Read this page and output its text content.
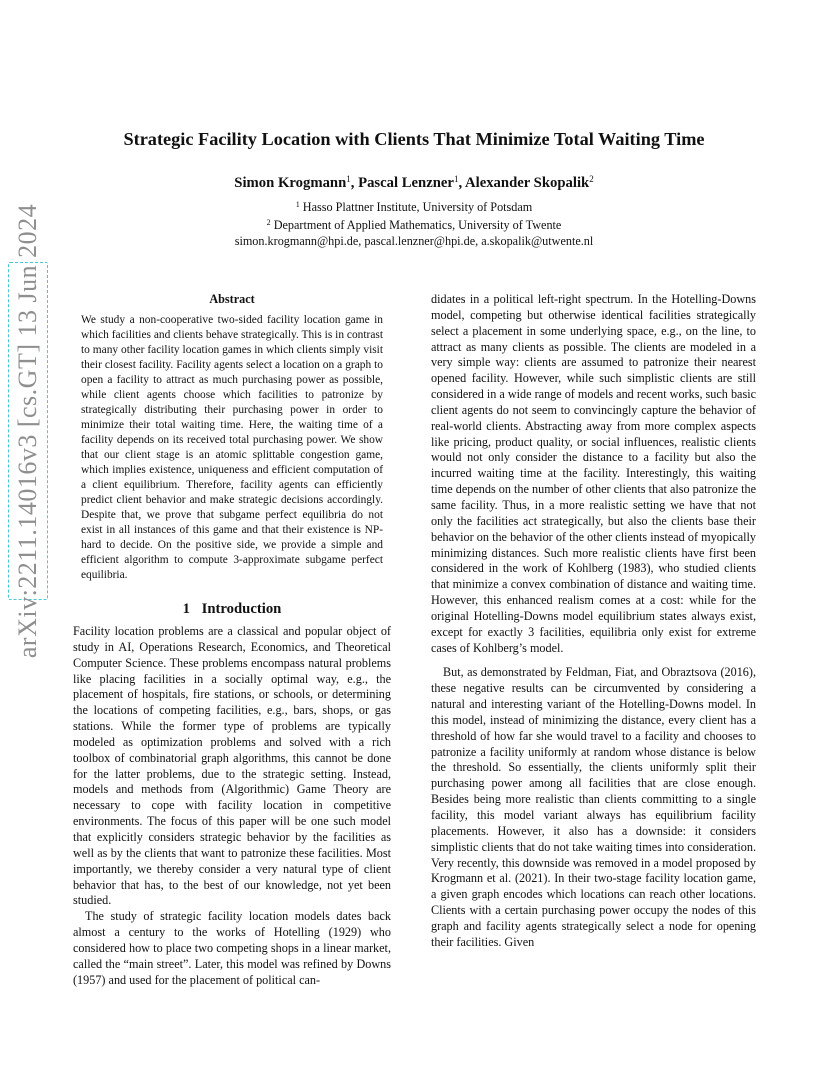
arXiv:2211.14016v3 [cs.GT] 13 Jun 2024
Strategic Facility Location with Clients That Minimize Total Waiting Time
Simon Krogmann$^1$, Pascal Lenzner$^1$, Alexander Skopalik$^2$
$^1$ Hasso Plattner Institute, University of Potsdam
$^2$ Department of Applied Mathematics, University of Twente
simon.krogmann@hpi.de, pascal.lenzner@hpi.de, a.skopalik@utwente.nl
Abstract

We study a non-cooperative two-sided facility location game in which facilities and clients behave strategically. This is in contrast to many other facility location games in which clients simply visit their closest facility. Facility agents select a location on a graph to open a facility to attract as much purchasing power as possible, while client agents choose which facilities to patronize by strategically distributing their purchasing power in order to minimize their total waiting time. Here, the waiting time of a facility depends on its received total purchasing power. We show that our client stage is an atomic splittable congestion game, which implies existence, uniqueness and efficient computation of a client equilibrium. Therefore, facility agents can efficiently predict client behavior and make strategic decisions accordingly. Despite that, we prove that subgame perfect equilibria do not exist in all instances of this game and that their existence is NP-hard to decide. On the positive side, we provide a simple and efficient algorithm to compute 3-approximate subgame perfect equilibria.

1 Introduction

Facility location problems are a classical and popular object of study in AI, Operations Research, Economics, and Theoretical Computer Science. These problems encompass natural problems like placing facilities in a socially optimal way, e.g., the placement of hospitals, fire stations, or schools, or determining the locations of competing facilities, e.g., bars, shops, or gas stations. While the former type of problems are typically modeled as optimization problems and solved with a rich toolbox of combinatorial graph algorithms, this cannot be done for the latter problems, due to the strategic setting. Instead, models and methods from (Algorithmic) Game Theory are necessary to cope with facility location in competitive environments. The focus of this paper will be one such model that explicitly considers strategic behavior by the facilities as well as by the clients that want to patronize these facilities. Most importantly, we thereby consider a very natural type of client behavior that has, to the best of our knowledge, not yet been studied.

The study of strategic facility location models dates back almost a century to the works of Hotelling (1929) who considered how to place two competing shops in a linear market, called the “main street”. Later, this model was refined by Downs (1957) and used for the placement of political can-

didates in a political left-right spectrum. In the Hotelling-Downs model, competing but otherwise identical facilities strategically select a placement in some underlying space, e.g., on the line, to attract as many clients as possible. The clients are modeled in a very simple way: clients are assumed to patronize their nearest opened facility. However, while such simplistic clients are still considered in a wide range of models and recent works, such basic client agents do not seem to convincingly capture the behavior of real-world clients. Abstracting away from more complex aspects like pricing, product quality, or social influences, realistic clients would not only consider the distance to a facility but also the incurred waiting time at the facility. Interestingly, this waiting time depends on the number of other clients that also patronize the same facility. Thus, in a more realistic setting we have that not only the facilities act strategically, but also the clients base their behavior on the behavior of the other clients instead of myopically minimizing distances. Such more realistic clients have first been considered in the work of Kohlberg (1983), who studied clients that minimize a convex combination of distance and waiting time. However, this enhanced realism comes at a cost: while for the original Hotelling-Downs model equilibrium states always exist, except for exactly 3 facilities, equilibria only exist for extreme cases of Kohlberg’s model.

But, as demonstrated by Feldman, Fiat, and Obraztsova (2016), these negative results can be circumvented by considering a natural and interesting variant of the Hotelling-Downs model. In this model, instead of minimizing the distance, every client has a threshold of how far she would travel to a facility and chooses to patronize a facility uniformly at random whose distance is below the threshold. So essentially, the clients uniformly split their purchasing power among all facilities that are close enough. Besides being more realistic than clients committing to a single facility, this model variant always has equilibrium facility placements. However, it also has a downside: it considers simplistic clients that do not take waiting times into consideration. Very recently, this downside was removed in a model proposed by Krogmann et al. (2021). In their two-stage facility location game, a given graph encodes which locations can reach other locations. Clients with a certain purchasing power occupy the nodes of this graph and facility agents strategically select a node for opening their facilities. Given
